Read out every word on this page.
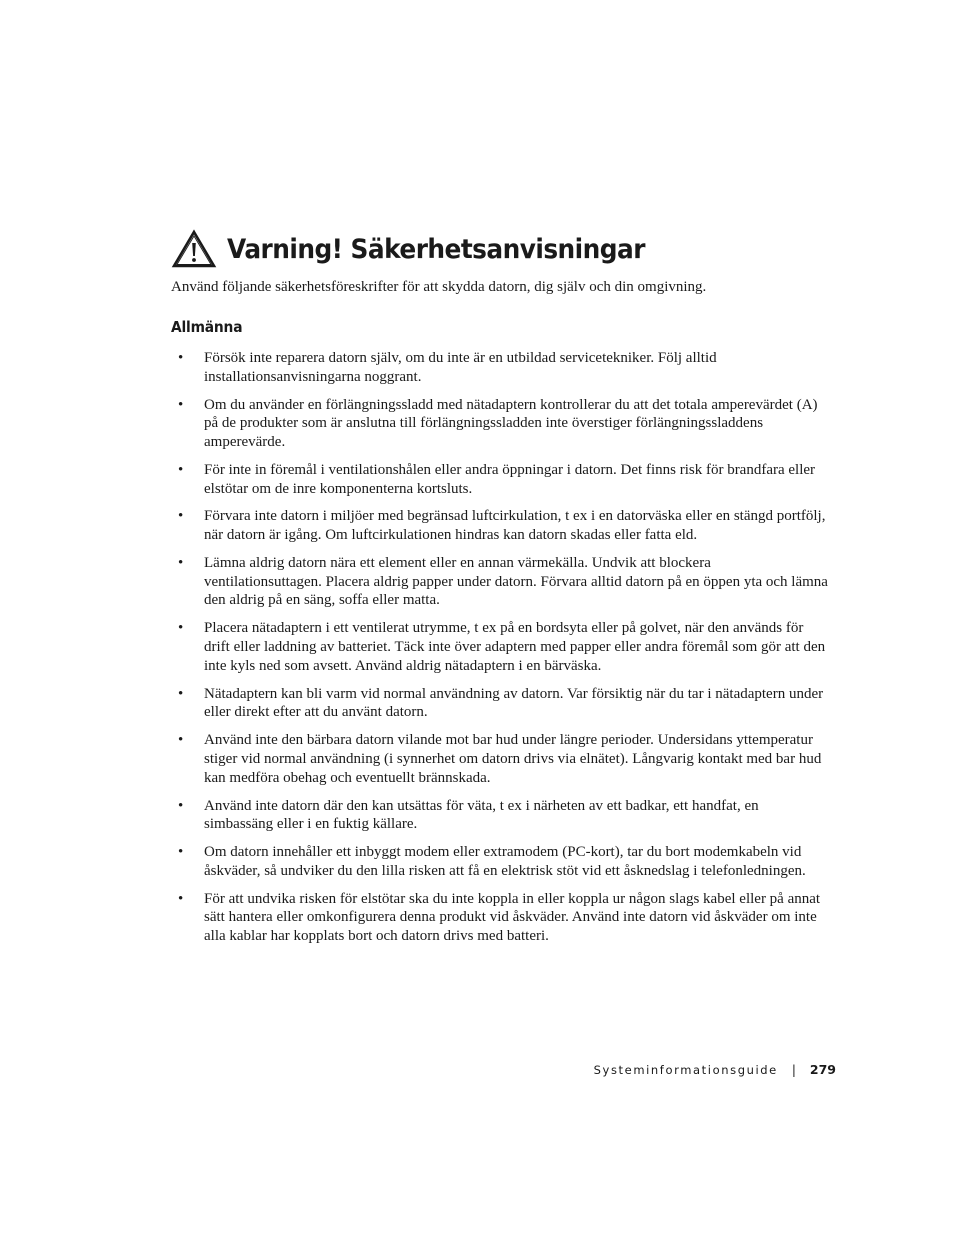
Varning! Säkerhetsanvisningar

Använd följande säkerhetsföreskrifter för att skydda datorn, dig själv och din omgivning.

Allmänna
• Försök inte reparera datorn själv, om du inte är en utbildad servicetekniker. Följ alltid installationsanvisningarna noggrant.
• Om du använder en förlängningssladd med nätadaptern kontrollerar du att det totala amperevärdet (A) på de produkter som är anslutna till förlängningssladden inte överstiger förlängningssladdens amperevärde.
• För inte in föremål i ventilationshålen eller andra öppningar i datorn. Det finns risk för brandfara eller elstötar om de inre komponenterna kortsluts.
• Förvara inte datorn i miljöer med begränsad luftcirkulation, t ex i en datorväska eller en stängd portfölj, när datorn är igång. Om luftcirkulationen hindras kan datorn skadas eller fatta eld.
• Lämna aldrig datorn nära ett element eller en annan värmekälla. Undvik att blockera ventilationsuttagen. Placera aldrig papper under datorn. Förvara alltid datorn på en öppen yta och lämna den aldrig på en säng, soffa eller matta.
• Placera nätadaptern i ett ventilerat utrymme, t ex på en bordsyta eller på golvet, när den används för drift eller laddning av batteriet. Täck inte över adaptern med papper eller andra föremål som gör att den inte kyls ned som avsett. Använd aldrig nätadaptern i en bärväska.
• Nätadaptern kan bli varm vid normal användning av datorn. Var försiktig när du tar i nätadaptern under eller direkt efter att du använt datorn.
• Använd inte den bärbara datorn vilande mot bar hud under längre perioder. Undersidans yttemperatur stiger vid normal användning (i synnerhet om datorn drivs via elnätet). Långvarig kontakt med bar hud kan medföra obehag och eventuellt brännskada.
• Använd inte datorn där den kan utsättas för väta, t ex i närheten av ett badkar, ett handfat, en simbassäng eller i en fuktig källare.
• Om datorn innehåller ett inbyggt modem eller extramodem (PC-kort), tar du bort modemkabeln vid åskväder, så undviker du den lilla risken att få en elektrisk stöt vid ett åsknedslag i telefonledningen.
• För att undvika risken för elstötar ska du inte koppla in eller koppla ur någon slags kabel eller på annat sätt hantera eller omkonfigurera denna produkt vid åskväder. Använd inte datorn vid åskväder om inte alla kablar har kopplats bort och datorn drivs med batteri.
Systeminformationsguide | 279
